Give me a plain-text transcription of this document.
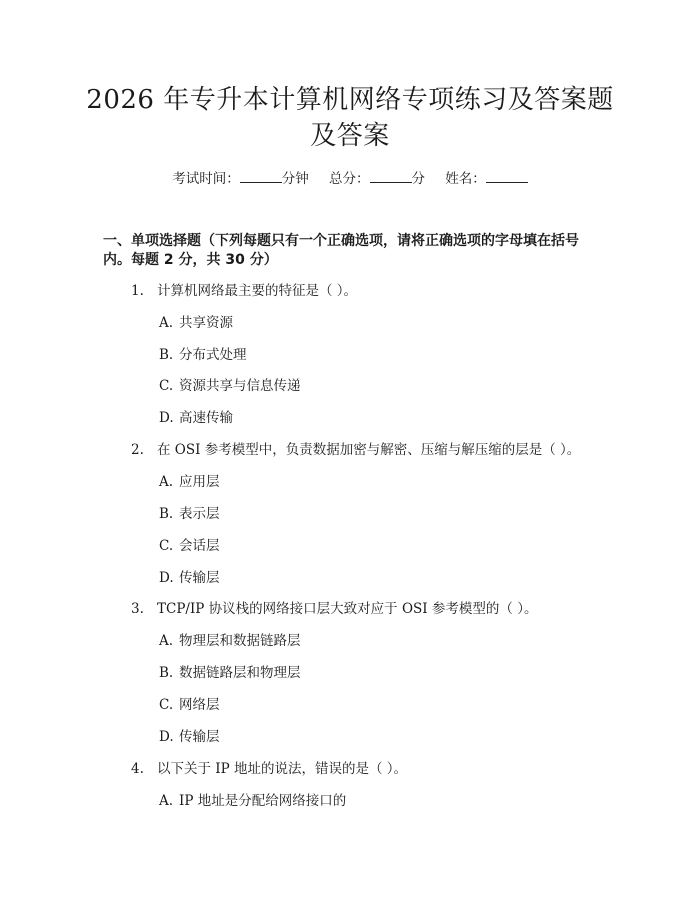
2026 年专升本计算机网络专项练习及答案题
及答案
考试时间：	分钟 总分：	分 姓名：
一、单项选择题（下列每题只有一个正确选项，请将正确选项的字母填在括号
内。每题 2 分，共 30 分）
1. 计算机网络最主要的特征是（ ）。
A. 共享资源
B. 分布式处理
C. 资源共享与信息传递
D. 高速传输
2. 在 OSI 参考模型中，负责数据加密与解密、压缩与解压缩的层是（ ）。
A. 应用层
B. 表示层
C. 会话层
D. 传输层
3. TCP/IP 协议栈的网络接口层大致对应于 OSI 参考模型的（ ）。
A. 物理层和数据链路层
B. 数据链路层和物理层
C. 网络层
D. 传输层
4. 以下关于 IP 地址的说法，错误的是（ ）。
A. IP 地址是分配给网络接口的
